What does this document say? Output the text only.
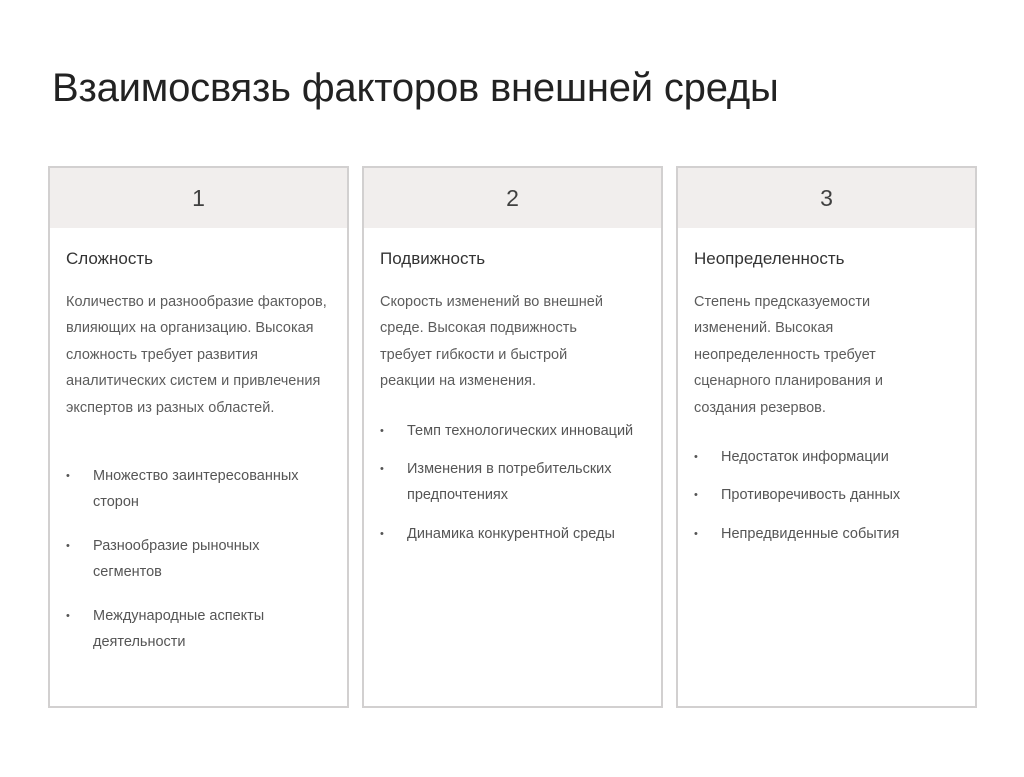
Взаимосвязь факторов внешней среды
1
Сложность
Количество и разнообразие факторов, влияющих на организацию. Высокая сложность требует развития аналитических систем и привлечения экспертов из разных областей.
• Множество заинтересованных сторон
• Разнообразие рыночных сегментов
• Международные аспекты деятельности
2
Подвижность
Скорость изменений во внешней среде. Высокая подвижность требует гибкости и быстрой реакции на изменения.
• Темп технологических инноваций
• Изменения в потребительских предпочтениях
• Динамика конкурентной среды
3
Неопределенность
Степень предсказуемости изменений. Высокая неопределенность требует сценарного планирования и создания резервов.
• Недостаток информации
• Противоречивость данных
• Непредвиденные события
